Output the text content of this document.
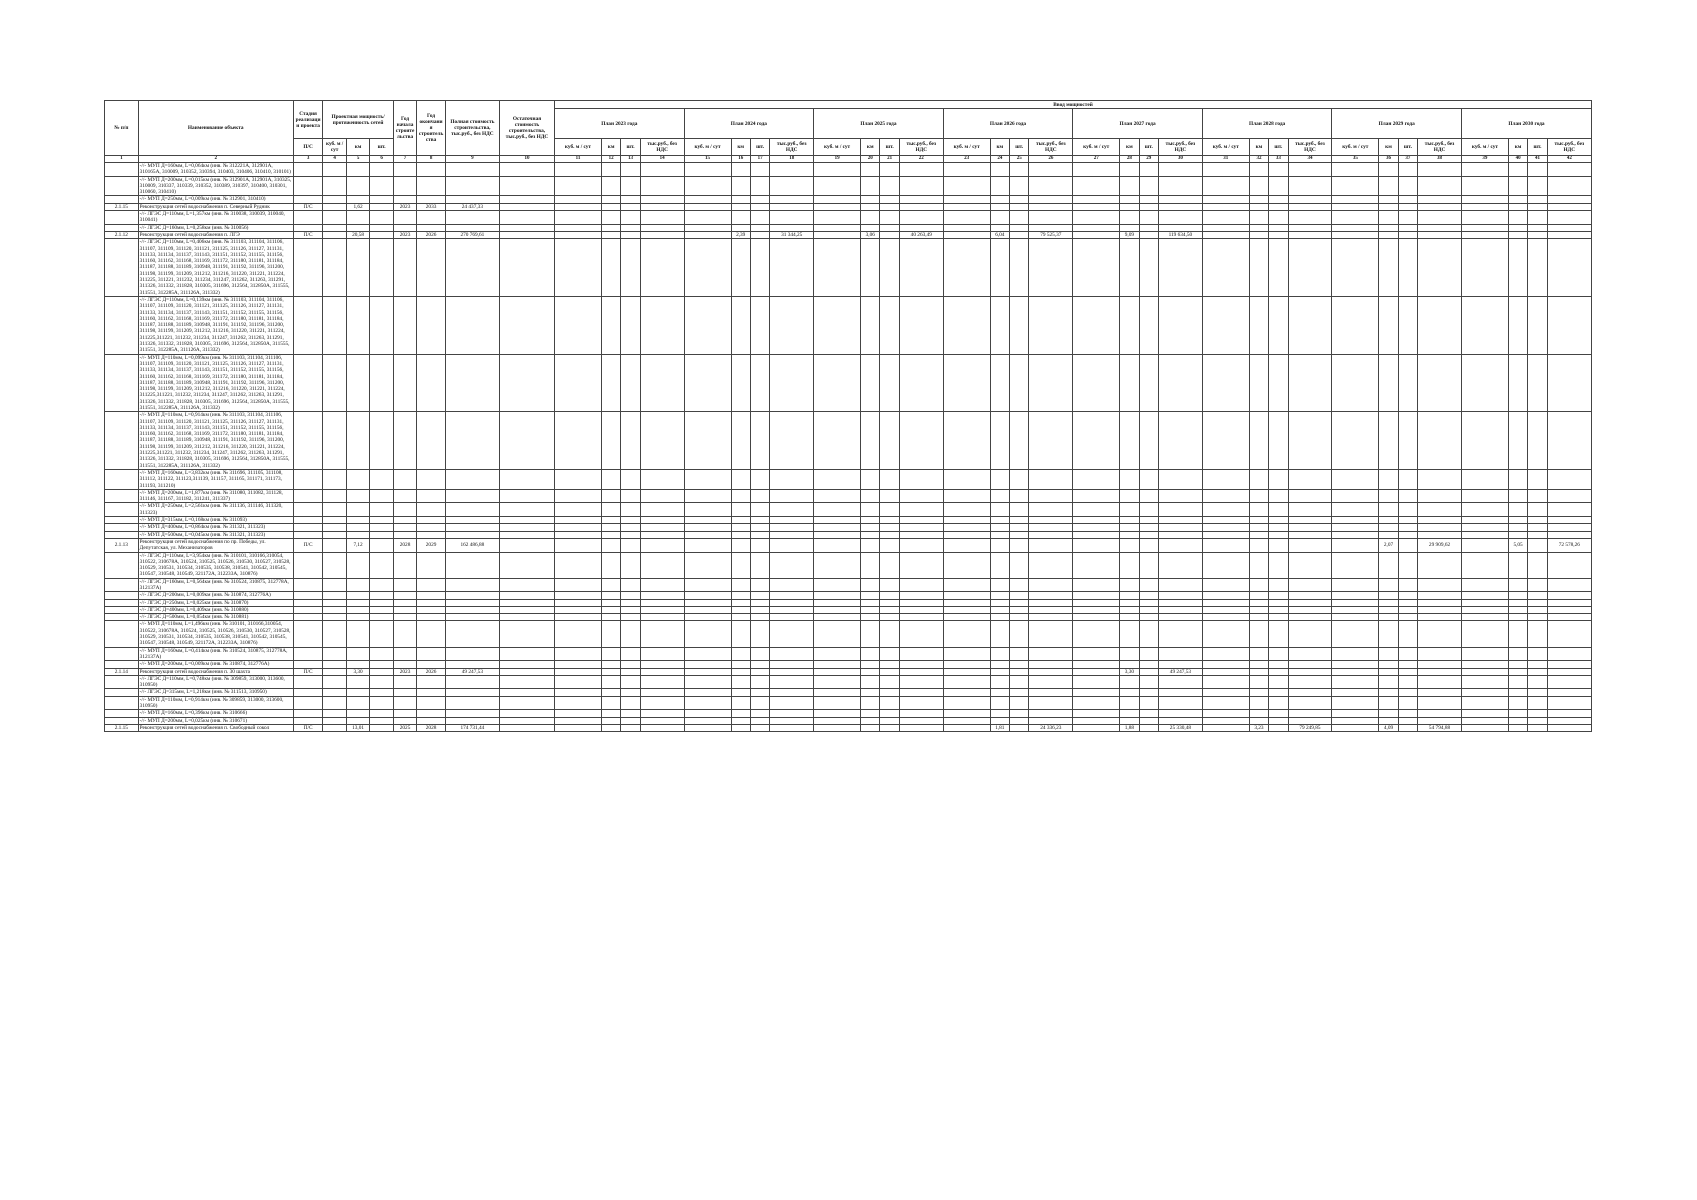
№ п/п	Наименование объекта	Стадия реализации проекта	Проектная мощность/ протяженность сетей			Год начала строительства	Год окончания строительства	Полная стоимость строительства, тыс.руб., без НДС	Остаточная стоимость строительства, тыс.руб., без НДС	Ввод мощностей																															
										План 2023 года				План 2024 года				План 2025 года				План 2026 года				План 2027 года				План 2028 года				План 2029 года				План 2030 года			
		П/С	куб. м / сут	км	шт.					куб. м / сут	км	шт.	тыс.руб., без НДС	куб. м / сут	км	шт.	тыс.руб., без НДС	куб. м / сут	км	шт.	тыс.руб., без НДС	куб. м / сут	км	шт.	тыс.руб., без НДС	куб. м / сут	км	шт.	тыс.руб., без НДС	куб. м / сут	км	шт.	тыс.руб., без НДС	куб. м / сут	км	шт.	тыс.руб., без НДС	куб. м / сут	км	шт.	тыс.руб., без НДС
1	2	3	4	5	6	7	8	9	10	11	12	13	14	15	16	17	18	19	20	21	22	23	24	25	26	27	28	29	30	31	32	33	34	35	36	37	38	39	40	41	42
	-//- МУП Д=160мм, L=0,064км (инв. № 312221А, 312901А, 310165А, 310009, 310352, 310394, 310403, 310406, 310410, 310101)																																								
	-//- МУП Д=200мм, L=0,015км (инв. № 312901А, 312901А, 310325, 310009, 310337, 310339, 310352, 310389, 310397, 310400, 310301, 310060, 310410)																																								
	-//- МУП Д=250мм, L=0,009км (инв. № 312901, 310410)																																								
2.1.15	Реконструкция сетей водоснабжения п. Северный Рудник	П/С		1,62		2023	2033	24 437,33																																	
	-//- ЛГЭС Д=110мм, L=1,357км (инв. № 310038, 310039, 310040, 310041)																																								
	-//- ЛГЭС Д=160мм, L=0,258км (инв. № 310056)																																								
2.1.12	Реконструкция сетей водоснабжения п. ЛГЭ	П/С		20,58		2023	2026	270 769,61							2,39		31 344,25		3,06		40 263,49		6,04		79 525,37		9,09		119 634,50												
	-//- ЛГЭС Д=110мм, L=0,406км (инв. № 311103, 311104, 311106, 311107, 311109, 311120, 311121, 311125, 311126, 311127, 311131, 311133, 311134, 311137, 311143, 311151, 311152, 311155, 311156, 311160, 311162, 311168, 311169, 311172, 311180, 311181, 311184, 311187, 311188, 311189, 310948, 311191, 311192, 311196, 311200, 311198, 311199, 311209, 311212, 311216, 311220, 311221, 311224, 311225, 311221, 311232, 311234, 311247, 311262, 311263, 311291, 311326, 311332, 311828, 310305, 311696, 312564, 312850А, 311555, 311551, 312285А, 311126А, 311332)																																								
	-//- ЛГЭС Д=110мм, L=0,139км (инв. № 311103, 311104, 311106, 311107, 311109, 311120, 311121, 311125, 311126, 311127, 311131, 311133, 311134, 311137, 311143, 311151, 311152, 311155, 311156, 311160, 311162, 311168, 311169, 311172, 311180, 311181, 311184, 311187, 311188, 311189, 310948, 311191, 311192, 311196, 311200, 311198, 311199, 311209, 311212, 311216, 311220, 311221, 311224, 311225,311221, 311232, 311234, 311247, 311262, 311263, 311291, 311326, 311332, 311828, 310305, 311696, 312564, 312850А, 311555, 311551, 312285А, 311126А, 311332)																																								
	-//- МУП Д=110мм, L=0,099км (инв. № 311103, 311104, 311106, 311107, 311109, 311120, 311121, 311125, 311126, 311127, 311131, 311133, 311134, 311137, 311143, 311151, 311152, 311155, 311156, 311160, 311162, 311168, 311169, 311172, 311180, 311181, 311184, 311187, 311188, 311189, 310948, 311191, 311192, 311196, 311200, 311198, 311199, 311209, 311212, 311216, 311220, 311221, 311224, 311225,311221, 311232, 311234, 311247, 311262, 311263, 311291, 311326, 311332, 311828, 310305, 311696, 312564, 312850А, 311555, 311551, 312285А, 311126А, 311332)																																								
	-//- МУП Д=110мм, L=0,914км (инв. № 311103, 311104, 311106, 311107, 311109, 311120, 311121, 311125, 311126, 311127, 311131, 311133, 311134, 311137, 311143, 311151, 311152, 311155, 311156, 311160, 311162, 311168, 311169, 311172, 311180, 311181, 311184, 311187, 311188, 311189, 310948, 311191, 311192, 311196, 311200, 311198, 311199, 311209, 311212, 311216, 311220, 311221, 311224, 311225,311221, 311232, 311234, 311247, 311262, 311263, 311291, 311326, 311332, 311828, 310305, 311696, 312564, 312850А, 311555, 311551, 312285А, 311126А, 311332)																																								
	-//- МУП Д=160мм, L=3,832км (инв. № 311696, 311105, 311108, 311112, 311122, 311123,311139, 311157, 311165, 311171, 311173, 311193, 311210)																																								
	-//- МУП Д=200мм, L=1,877км (инв. № 311080, 311082, 311128, 311146, 311167, 311182, 311241, 311337)																																								
	-//- МУП Д=250мм, L=2,561км (инв. № 311136, 311146, 311320, 311323)																																								
	-//- МУП Д=315мм, L=0,168км (инв. № 311093)																																								
	-//- МУП Д=400мм, L=0,864км (инв. № 311321, 311323)																																								
	-//- МУП Д=500мм, L=0,045км (инв. № 311321, 311323)																																								
2.1.13	Реконструкция сетей водоснабжения по пр. Победы, ул. Депутатская, ул. Механизаторов	П/С		7,12		2028	2029	162 486,88																											2,07		29 909,62		5,05		72 578,26
	-//- ЛГЭС Д=110мм, L=3,954км (инв. № 310101, 310166,310054, 310522, 310678А, 310524, 310525, 310526, 310530, 310527, 310528, 310529, 310531, 310534, 310535, 310538, 310541, 310542, 310545, 310547, 310548, 310549, 321172А, 312233А, 310876)																																								
	-//- ЛГЭС Д=160мм, L=0,564км (инв. № 310524, 310875, 312778А, 312137А)																																								
	-//- ЛГЭС Д=200мм, L=0,009км (инв. № 310874, 312776А)																																								
	-//- ЛГЭС Д=250мм, L=0,025км (инв. № 310870)																																								
	-//- ЛГЭС Д=400мм, L=0,409км (инв. № 310880)																																								
	-//- ЛГЭС Д=500мм, L=0,054км (инв. № 310881)																																								
	-//- МУП Д=110мм, L=1,496км (инв. № 310101, 310166,310054, 310522, 310678А, 310524, 310525, 310526, 310530, 310527, 310528, 310529, 310531, 310534, 310535, 310538, 310541, 310542, 310545, 310547, 310548, 310549, 321172А, 312233А, 310876)																																								
	-//- МУП Д=160мм, L=0,414км (инв. № 310524, 310875, 312778А, 312137А)																																								
	-//- МУП Д=200мм, L=0,009км (инв. № 310874, 312776А)																																								
2.1.14	Реконструкция сетей водоснабжения п. 30 шахта	П/С		3,30		2023	2026	49 247,53																			3,30		49 247,53												
	-//- ЛГЭС Д=110мм, L=0,748км (инв. № 309859, 313000, 313600, 310950)																																								
	-//- ЛГЭС Д=315мм, L=1,218км (инв. № 311513, 310950)																																								
	-//- МУП Д=110мм, L=0,914км (инв. № 309859, 313000, 313600, 310950)																																								
	-//- МУП Д=160мм, L=0,396км (инв. № 310666)																																								
	-//- МУП Д=200мм, L=0,025км (инв. № 310671)																																								
2.1.15	Реконструкция сетей водоснабжения п. Свободный сокол	П/С		13,01		2025	2028	174 731,44															1,81		24 336,23		1,88		25 330,48		3,23		79 249,85		4,09		54 794,88				
